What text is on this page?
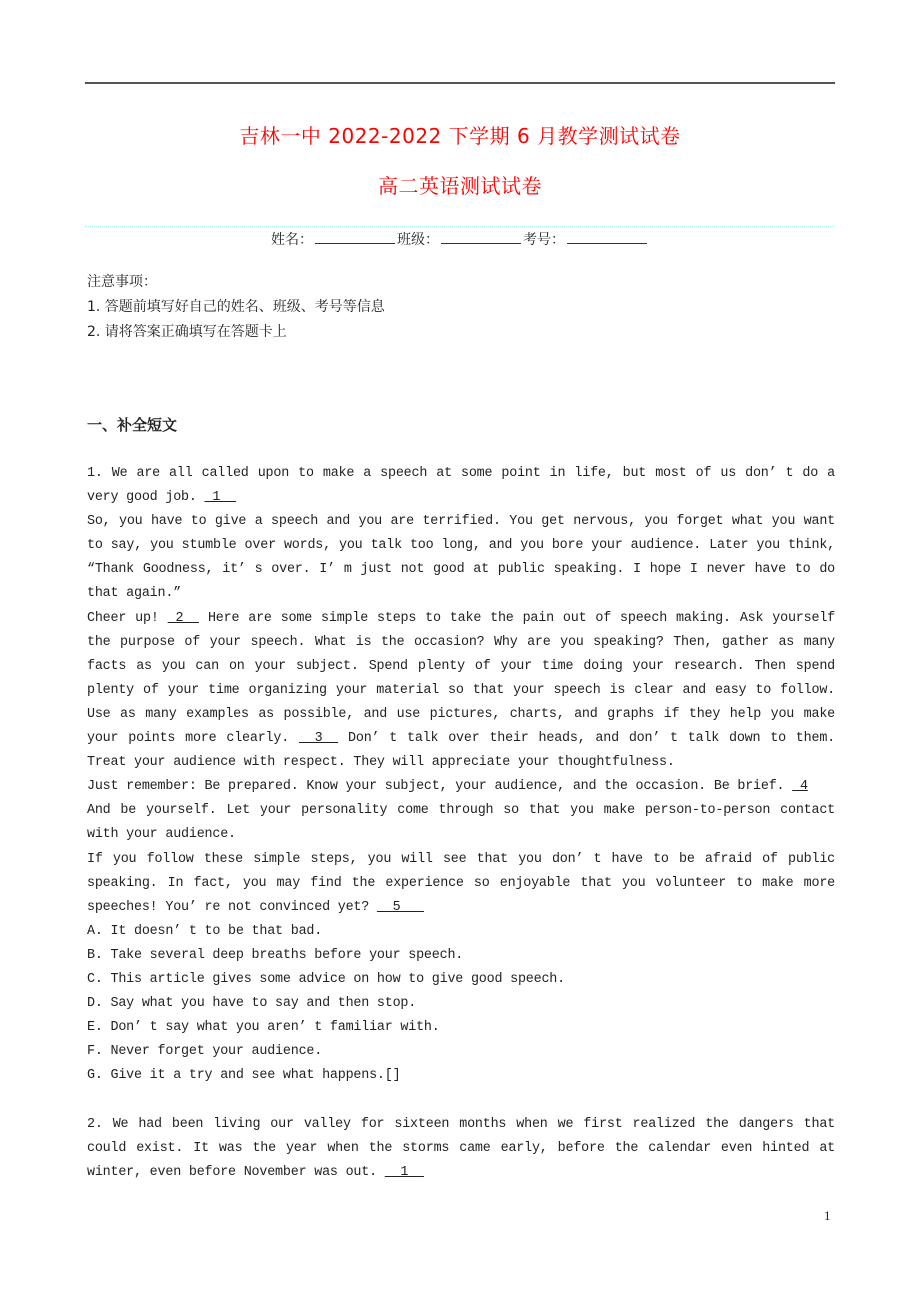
吉林一中 2022-2022 下学期 6 月教学测试试卷
高二英语测试试卷
姓名：	班级：	考号：
注意事项：
1. 答题前填写好自己的姓名、班级、考号等信息
2. 请将答案正确填写在答题卡上
一、补全短文

1. We are all called upon to make a speech at some point in life, but most of us don’ t do a very good job.  1

So, you have to give a speech and you are terrified. You get nervous, you forget what you want to say, you stumble over words, you talk too long, and you bore your audience. Later you think, “Thank Goodness, it’ s over. I’ m just not good at public speaking. I hope I never have to do that again.”

Cheer up!  2   Here are some simple steps to take the pain out of speech making. Ask yourself the purpose of your speech. What is the occasion? Why are you speaking? Then, gather as many facts as you can on your subject. Spend plenty of your time doing your research. Then spend plenty of your time organizing your material so that your speech is clear and easy to follow. Use as many examples as possible, and use pictures, charts, and graphs if they help you make your points more clearly.   3   Don’ t talk over their heads, and don’ t talk down to them. Treat your audience with respect. They will appreciate your thoughtfulness.

Just remember: Be prepared. Know your subject, your audience, and the occasion. Be brief.  4
And be yourself. Let your personality come through so that you make person-to-person contact with your audience.

If you follow these simple steps, you will see that you don’ t have to be afraid of public speaking. In fact, you may find the experience so enjoyable that you volunteer to make more speeches! You’ re not convinced yet?   5

A. It doesn’ t to be that bad.
B. Take several deep breaths before your speech.
C. This article gives some advice on how to give good speech.
D. Say what you have to say and then stop.
E. Don’ t say what you aren’ t familiar with.
F. Never forget your audience.
G. Give it a try and see what happens.[]

2. We had been living our valley for sixteen months when we first realized the dangers that could exist. It was the year when the storms came early, before the calendar even hinted at winter, even before November was out.   1

1
